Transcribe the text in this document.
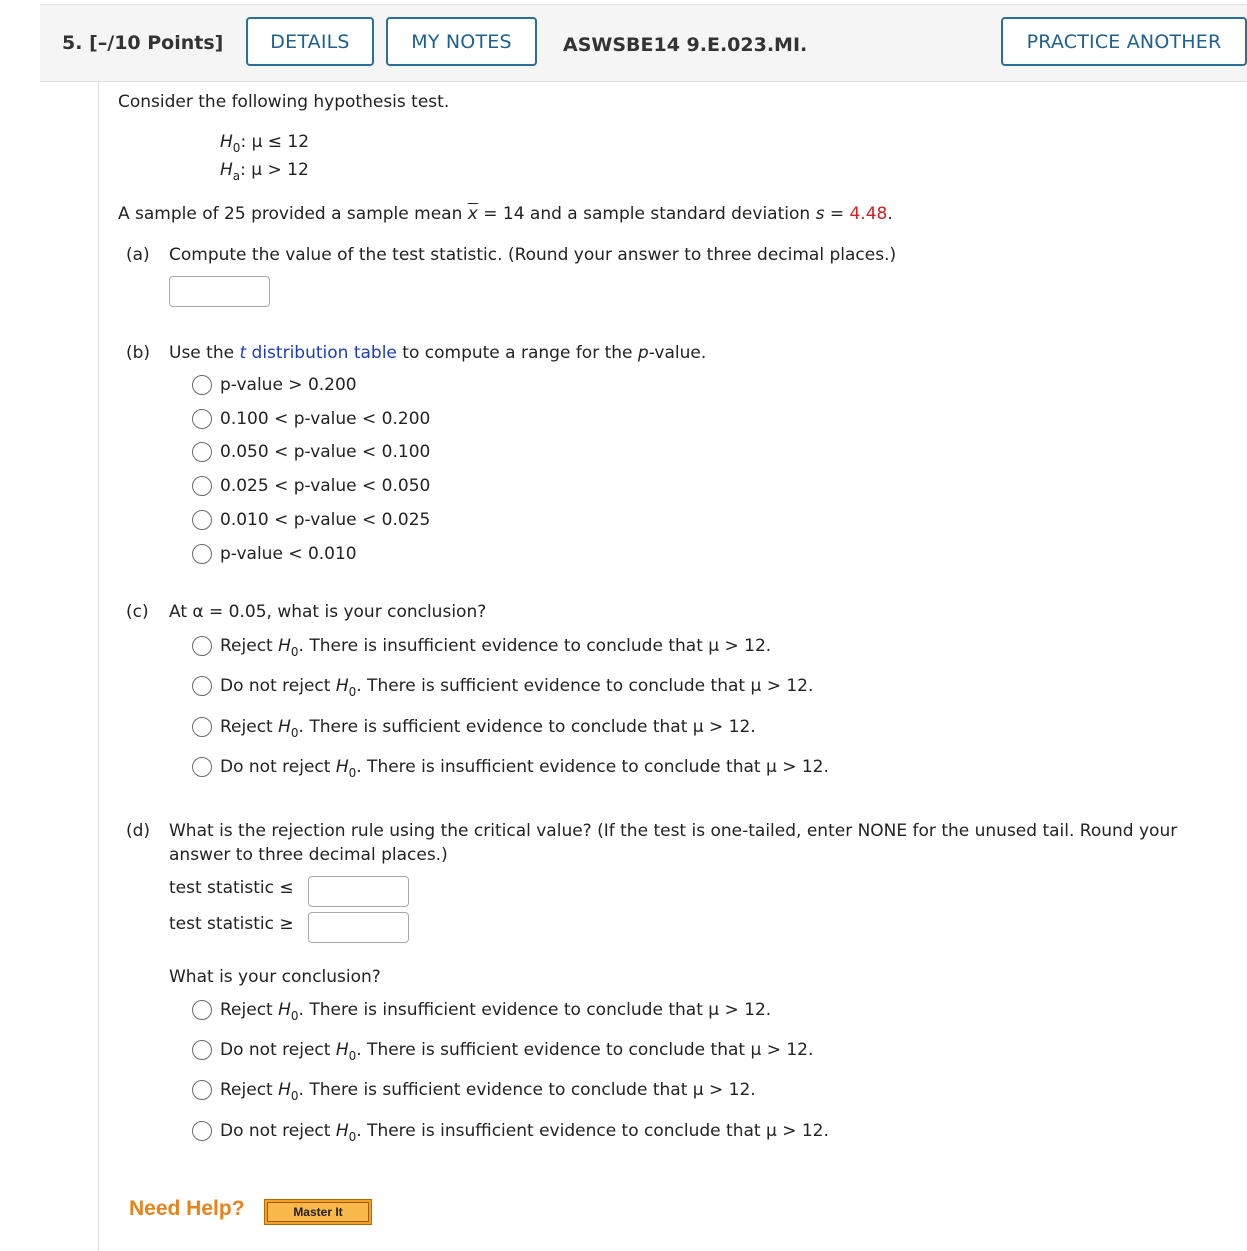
5. [–/10 Points]	DETAILS	MY NOTES	ASWSBE14 9.E.023.MI.	PRACTICE ANOTHER
Consider the following hypothesis test.
$H_0$: μ ≤ 12
$H_a$: μ > 12
A sample of 25 provided a sample mean $\overline{x} = 14$ and a sample standard deviation s = 4.48.
(a) Compute the value of the test statistic. (Round your answer to three decimal places.)
(b) Use the t distribution table to compute a range for the p-value.
p-value > 0.200
0.100 < p-value < 0.200
0.050 < p-value < 0.100
0.025 < p-value < 0.050
0.010 < p-value < 0.025
p-value < 0.010
(c) At α = 0.05, what is your conclusion?
Reject $H_0$. There is insufficient evidence to conclude that μ > 12.
Do not reject $H_0$. There is sufficient evidence to conclude that μ > 12.
Reject $H_0$. There is sufficient evidence to conclude that μ > 12.
Do not reject $H_0$. There is insufficient evidence to conclude that μ > 12.
(d) What is the rejection rule using the critical value? (If the test is one-tailed, enter NONE for the unused tail. Round your
answer to three decimal places.)
test statistic ≤
test statistic ≥
What is your conclusion?
Reject $H_0$. There is insufficient evidence to conclude that μ > 12.
Do not reject $H_0$. There is sufficient evidence to conclude that μ > 12.
Reject $H_0$. There is sufficient evidence to conclude that μ > 12.
Do not reject $H_0$. There is insufficient evidence to conclude that μ > 12.
Need Help?	Master It
